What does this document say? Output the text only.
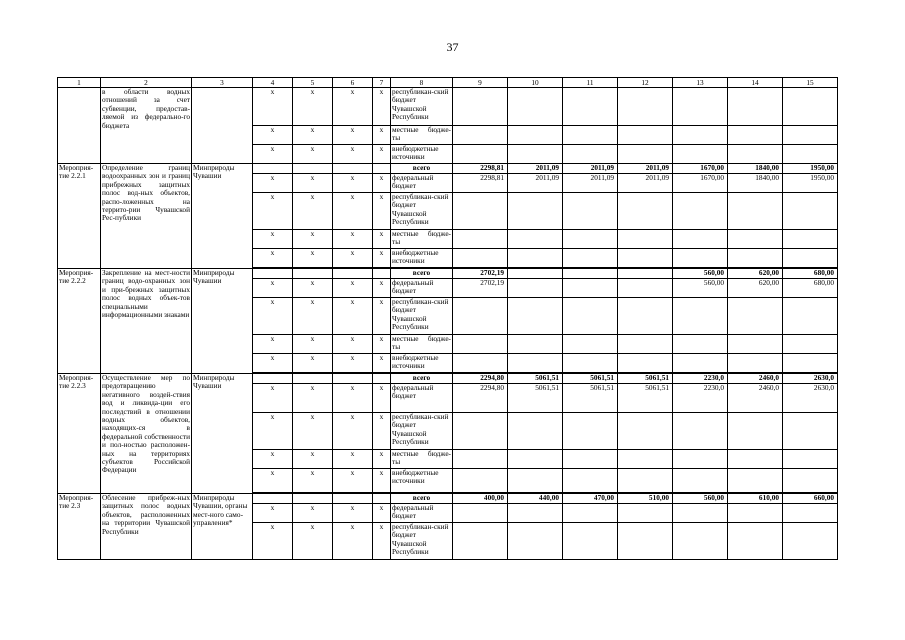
37
1	2	3	4	5	6	7	8	9	10	11	12	13	14	15
	в области водных отношений за счет субвенции, предостав-ляемой из федерально-го бюджета		x	x	x	x	республикан-ский бюджет Чувашской Республики							
			x	x	x	x	местные бюдже-ты							
			x	x	x	x	внебюджетные источники							
Мероприя-тие 2.2.1	Определение границ водоохранных зон и границ прибрежных защитных полос вод-ных объектов, распо-ложенных на террито-рии Чувашской Рес-публики	Минприроды Чувашии					всего	2298,81	2011,09	2011,09	2011,09	1670,00	1840,00	1950,00
			x	x	x	x	федеральный бюджет	2298,81	2011,09	2011,09	2011,09	1670,00	1840,00	1950,00
			x	x	x	x	республикан-ский бюджет Чувашской Республики							
			x	x	x	x	местные бюдже-ты							
			x	x	x	x	внебюджетные источники							

Мероприя-тие 2.2.2	Закрепление на мест-ности границ водо-охранных зон и при-брежных защитных полос водных объек-тов специальными информационными знаками	Минприроды Чувашии					всего	2702,19				560,00	620,00	680,00
			x	x	x	x	федеральный бюджет	2702,19				560,00	620,00	680,00
			x	x	x	x	республикан-ский бюджет Чувашской Республики							
			x	x	x	x	местные бюдже-ты							
			x	x	x	x	внебюджетные источники							

Мероприя-тие 2.2.3	Осуществление мер по предотвращению негативного воздей-ствия вод и ликвида-ции его последствий в отношении водных объектов, находящих-ся в федеральной собственности и пол-ностью расположен-ных на территориях субъектов Российской Федерации	Минприроды Чувашии					всего	2294,80	5061,51	5061,51	5061,51	2230,0	2460,0	2630,0
			x	x	x	x	федеральный бюджет	2294,80	5061,51	5061,51	5061,51	2230,0	2460,0	2630,0
			x	x	x	x	республикан-ский бюджет Чувашской Республики							
			x	x	x	x	местные бюдже-ты							
			x	x	x	x	внебюджетные источники							

Мероприя-тие 2.3	Облесение прибреж-ных защитных полос водных объектов, расположенных на территории Чувашской Республики	Минприроды Чувашии, органы мест-ного само-управления*					всего	400,00	440,00	470,00	510,00	560,00	610,00	660,00
			x	x	x	x	федеральный бюджет							
			x	x	x	x	республикан-ский бюджет Чувашской Республики							
